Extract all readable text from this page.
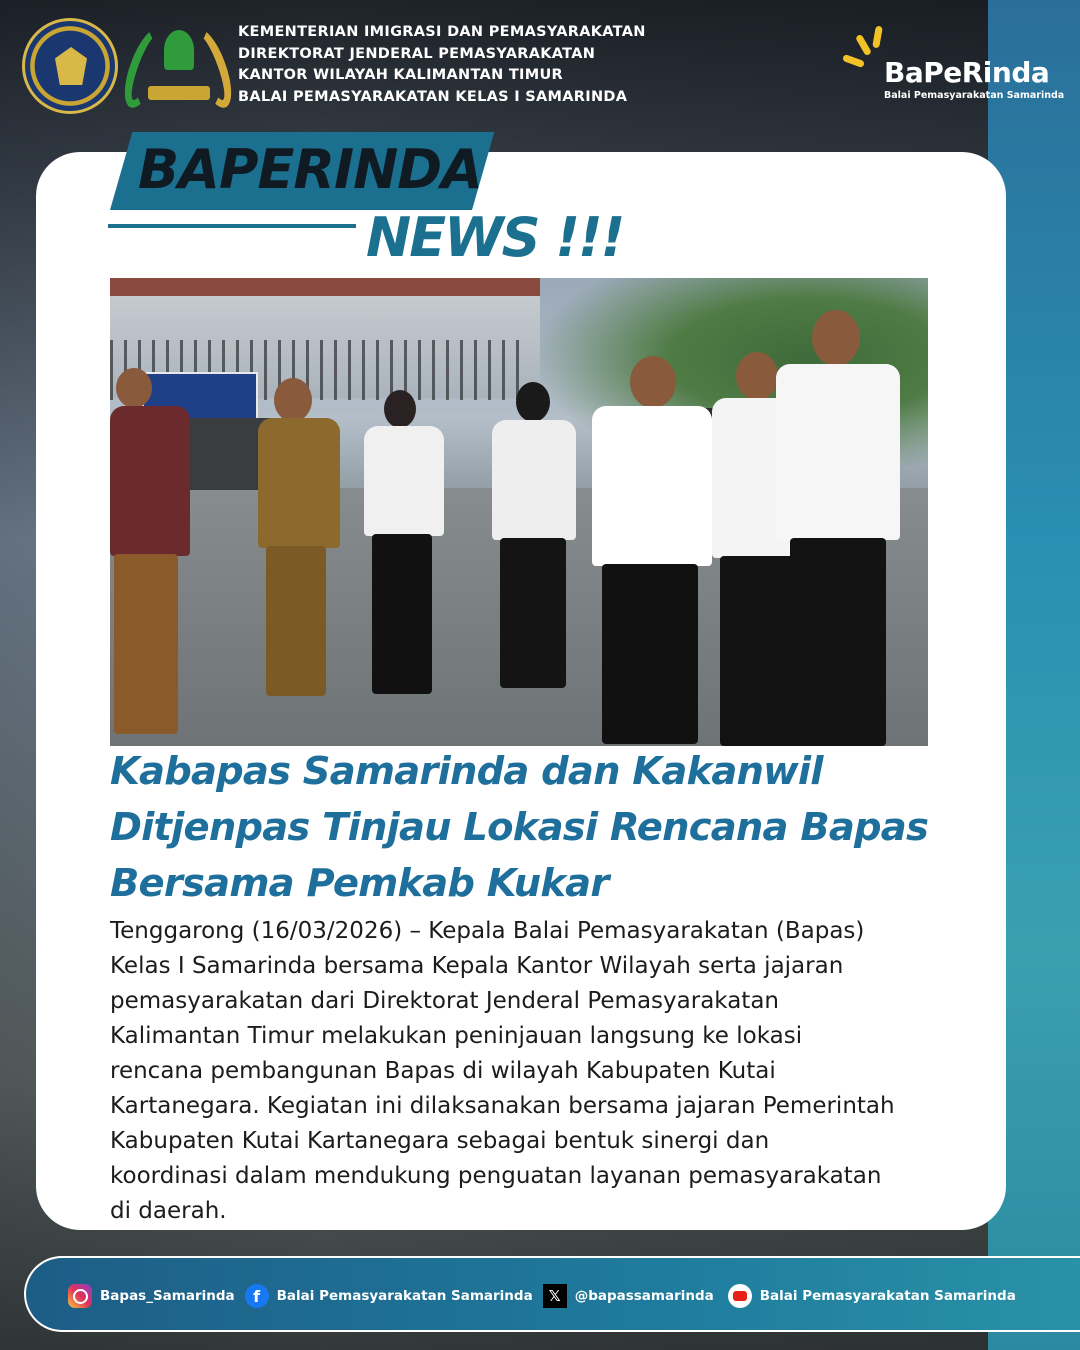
KEMENTERIAN IMIGRASI DAN PEMASYARAKATAN
DIREKTORAT JENDERAL PEMASYARAKATAN
KANTOR WILAYAH KALIMANTAN TIMUR
BALAI PEMASYARAKATAN KELAS I SAMARINDA
BaPeRinda
Balai Pemasyarakatan Samarinda
BAPERINDA
NEWS !!!
Kabapas Samarinda dan Kakanwil
Ditjenpas Tinjau Lokasi Rencana Bapas
Bersama Pemkab Kukar
Tenggarong (16/03/2026) – Kepala Balai Pemasyarakatan (Bapas)
Kelas I Samarinda bersama Kepala Kantor Wilayah serta jajaran
pemasyarakatan dari Direktorat Jenderal Pemasyarakatan
Kalimantan Timur melakukan peninjauan langsung ke lokasi
rencana pembangunan Bapas di wilayah Kabupaten Kutai
Kartanegara. Kegiatan ini dilaksanakan bersama jajaran Pemerintah
Kabupaten Kutai Kartanegara sebagai bentuk sinergi dan
koordinasi dalam mendukung penguatan layanan pemasyarakatan
di daerah.
Bapas_Samarinda	f	Balai Pemasyarakatan Samarinda	𝕏	@bapassamarinda	Balai Pemasyarakatan Samarinda
